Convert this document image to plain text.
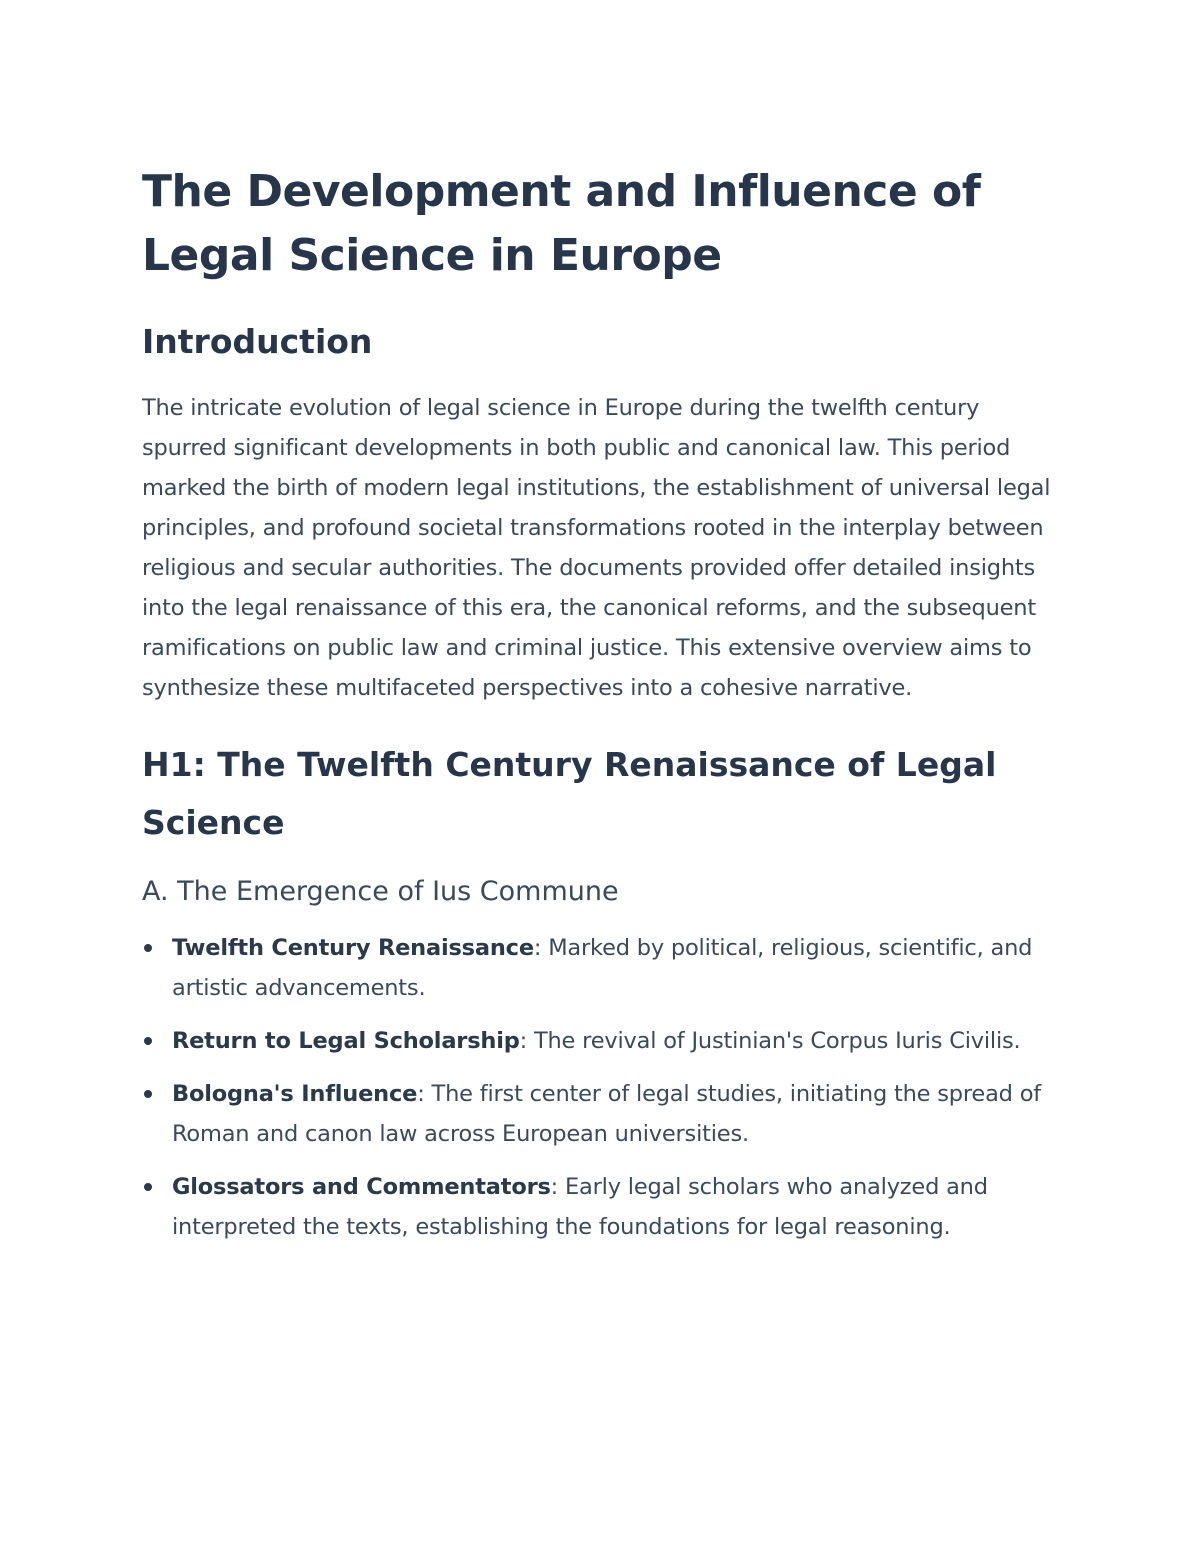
The Development and Influence of Legal Science in Europe
Introduction

The intricate evolution of legal science in Europe during the twelfth century spurred significant developments in both public and canonical law. This period marked the birth of modern legal institutions, the establishment of universal legal principles, and profound societal transformations rooted in the interplay between religious and secular authorities. The documents provided offer detailed insights into the legal renaissance of this era, the canonical reforms, and the subsequent ramifications on public law and criminal justice. This extensive overview aims to synthesize these multifaceted perspectives into a cohesive narrative.

H1: The Twelfth Century Renaissance of Legal Science
A. The Emergence of Ius Commune
Twelfth Century Renaissance: Marked by political, religious, scientific, and artistic advancements.
Return to Legal Scholarship: The revival of Justinian's Corpus Iuris Civilis.
Bologna's Influence: The first center of legal studies, initiating the spread of Roman and canon law across European universities.
Glossators and Commentators: Early legal scholars who analyzed and interpreted the texts, establishing the foundations for legal reasoning.
